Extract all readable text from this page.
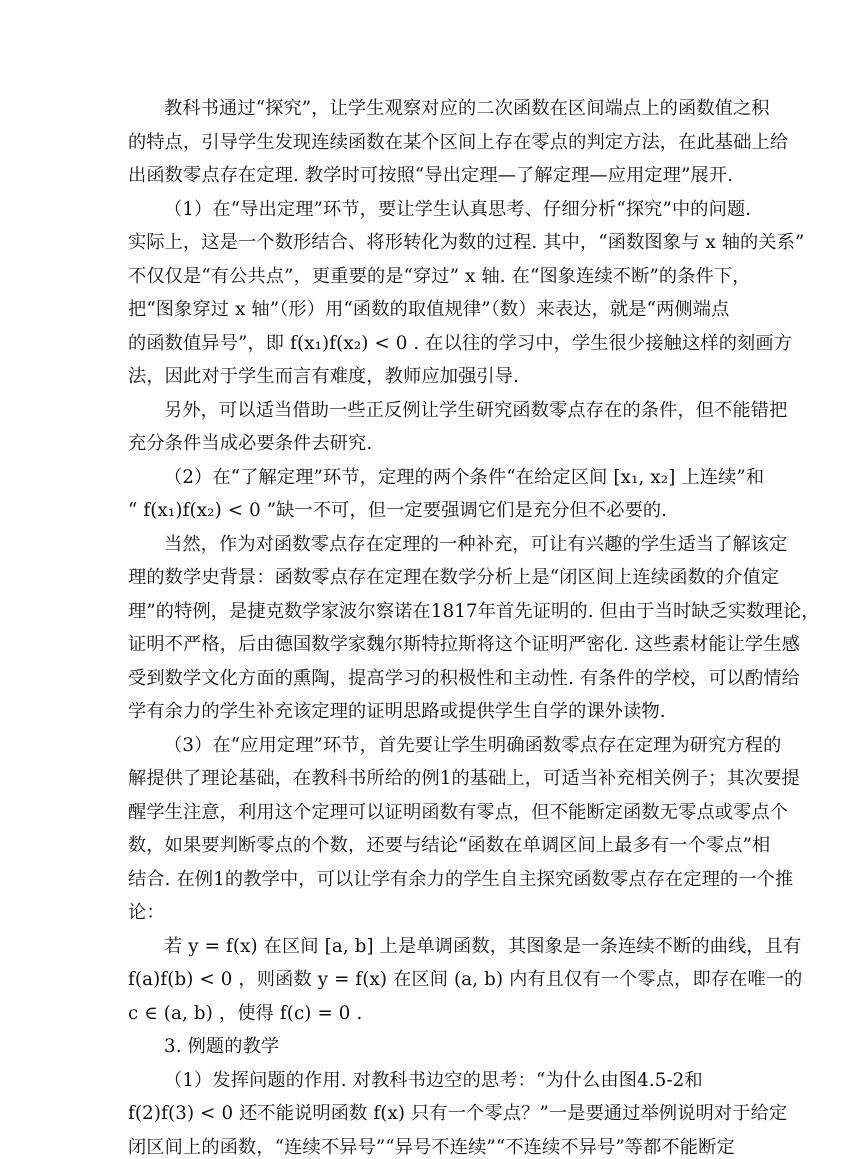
教科书通过“探究”，让学生观察对应的二次函数在区间端点上的函数值之积
的特点，引导学生发现连续函数在某个区间上存在零点的判定方法，在此基础上给
出函数零点存在定理. 教学时可按照“导出定理—了解定理—应用定理”展开.
（1）在“导出定理”环节，要让学生认真思考、仔细分析“探究”中的问题.
实际上，这是一个数形结合、将形转化为数的过程. 其中，“函数图象与 x 轴的关系”
不仅仅是“有公共点”，更重要的是“穿过” x 轴. 在“图象连续不断”的条件下，
把“图象穿过 x 轴”（形）用“函数的取值规律”（数）来表达，就是“两侧端点
的函数值异号”，即 f(x₁)f(x₂) < 0 . 在以往的学习中，学生很少接触这样的刻画方
法，因此对于学生而言有难度，教师应加强引导.
另外，可以适当借助一些正反例让学生研究函数零点存在的条件，但不能错把
充分条件当成必要条件去研究.
（2）在“了解定理”环节，定理的两个条件“在给定区间 [x₁, x₂] 上连续”和
“ f(x₁)f(x₂) < 0 ”缺一不可，但一定要强调它们是充分但不必要的.
当然，作为对函数零点存在定理的一种补充，可让有兴趣的学生适当了解该定
理的数学史背景：函数零点存在定理在数学分析上是“闭区间上连续函数的介值定
理”的特例，是捷克数学家波尔察诺在1817年首先证明的. 但由于当时缺乏实数理论，
证明不严格，后由德国数学家魏尔斯特拉斯将这个证明严密化. 这些素材能让学生感
受到数学文化方面的熏陶，提高学习的积极性和主动性. 有条件的学校，可以酌情给
学有余力的学生补充该定理的证明思路或提供学生自学的课外读物.
（3）在“应用定理”环节，首先要让学生明确函数零点存在定理为研究方程的
解提供了理论基础，在教科书所给的例1的基础上，可适当补充相关例子；其次要提
醒学生注意，利用这个定理可以证明函数有零点，但不能断定函数无零点或零点个
数，如果要判断零点的个数，还要与结论“函数在单调区间上最多有一个零点”相
结合. 在例1的教学中，可以让学有余力的学生自主探究函数零点存在定理的一个推
论：
若 y = f(x) 在区间 [a, b] 上是单调函数，其图象是一条连续不断的曲线，且有
f(a)f(b) < 0 ，则函数 y = f(x) 在区间 (a, b) 内有且仅有一个零点，即存在唯一的
c ∈ (a, b) ，使得 f(c) = 0 .
3. 例题的教学
（1）发挥问题的作用. 对教科书边空的思考：“为什么由图4.5-2和
f(2)f(3) < 0 还不能说明函数 f(x) 只有一个零点？”一是要通过举例说明对于给定
闭区间上的函数，“连续不异号”“异号不连续”“不连续不异号”等都不能断定
